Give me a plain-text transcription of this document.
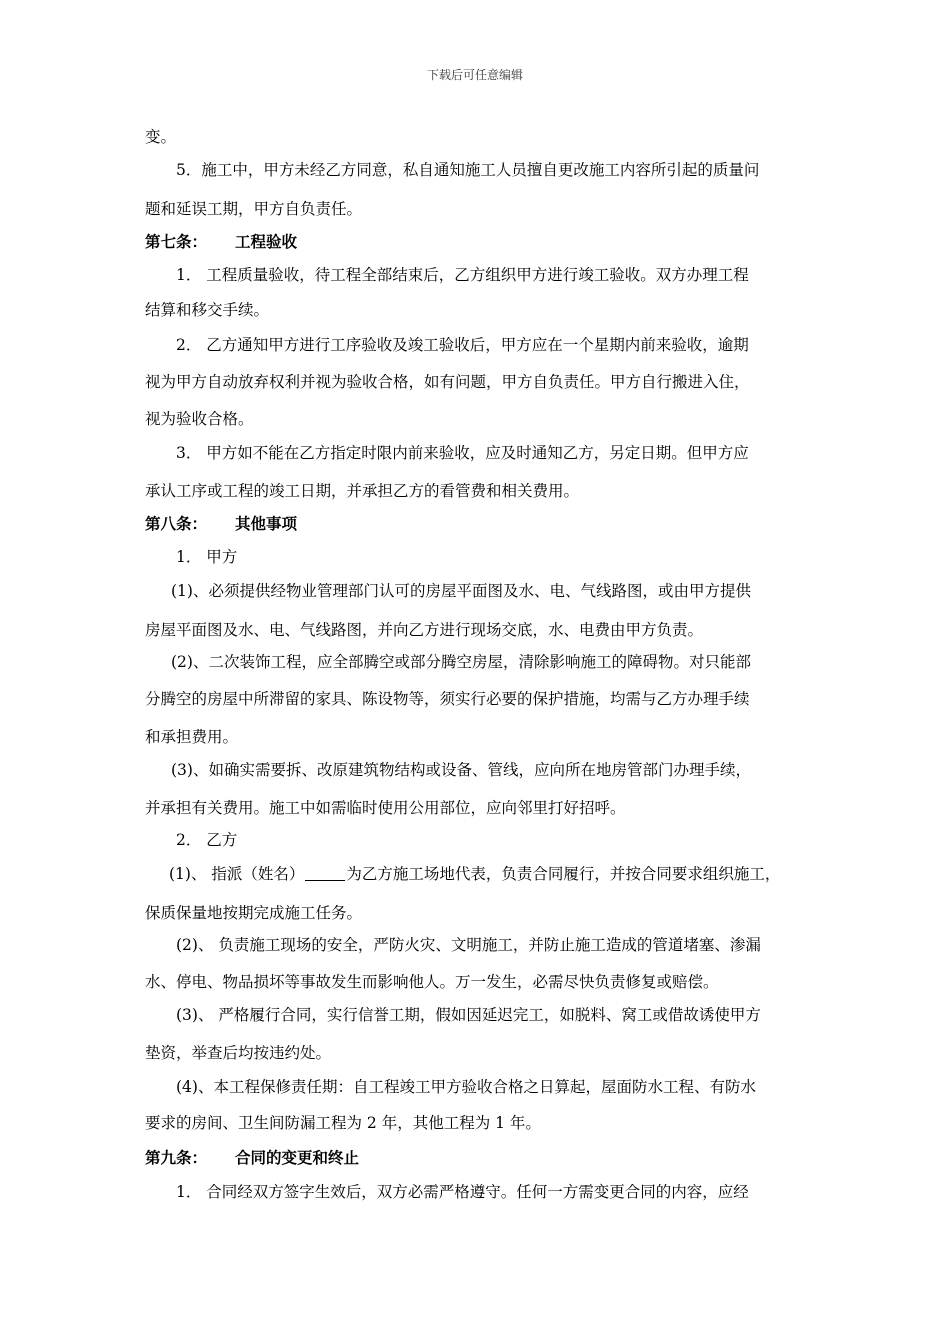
下载后可任意编辑
变。
5．施工中，甲方未经乙方同意，私自通知施工人员擅自更改施工内容所引起的质量问
题和延误工期，甲方自负责任。
第七条： 工程验收
1． 工程质量验收，待工程全部结束后，乙方组织甲方进行竣工验收。双方办理工程
结算和移交手续。
2． 乙方通知甲方进行工序验收及竣工验收后，甲方应在一个星期内前来验收，逾期
视为甲方自动放弃权利并视为验收合格，如有问题，甲方自负责任。甲方自行搬进入住，
视为验收合格。
3． 甲方如不能在乙方指定时限内前来验收，应及时通知乙方，另定日期。但甲方应
承认工序或工程的竣工日期，并承担乙方的看管费和相关费用。
第八条： 其他事项
1． 甲方
(1)、必须提供经物业管理部门认可的房屋平面图及水、电、气线路图，或由甲方提供
房屋平面图及水、电、气线路图，并向乙方进行现场交底，水、电费由甲方负责。
(2)、二次装饰工程，应全部腾空或部分腾空房屋，清除影响施工的障碍物。对只能部
分腾空的房屋中所滞留的家具、陈设物等，须实行必要的保护措施，均需与乙方办理手续
和承担费用。
(3)、如确实需要拆、改原建筑物结构或设备、管线，应向所在地房管部门办理手续，
并承担有关费用。施工中如需临时使用公用部位，应向邻里打好招呼。
2． 乙方
(1)、 指派（姓名）	为乙方施工场地代表，负责合同履行，并按合同要求组织施工，
保质保量地按期完成施工任务。
(2)、 负责施工现场的安全，严防火灾、文明施工，并防止施工造成的管道堵塞、渗漏
水、停电、物品损坏等事故发生而影响他人。万一发生，必需尽快负责修复或赔偿。
(3)、 严格履行合同，实行信誉工期，假如因延迟完工，如脱料、窝工或借故诱使甲方
垫资，举查后均按违约处。
(4)、本工程保修责任期：自工程竣工甲方验收合格之日算起，屋面防水工程、有防水
要求的房间、卫生间防漏工程为 2 年，其他工程为 1 年。
第九条： 合同的变更和终止
1． 合同经双方签字生效后，双方必需严格遵守。任何一方需变更合同的内容，应经
